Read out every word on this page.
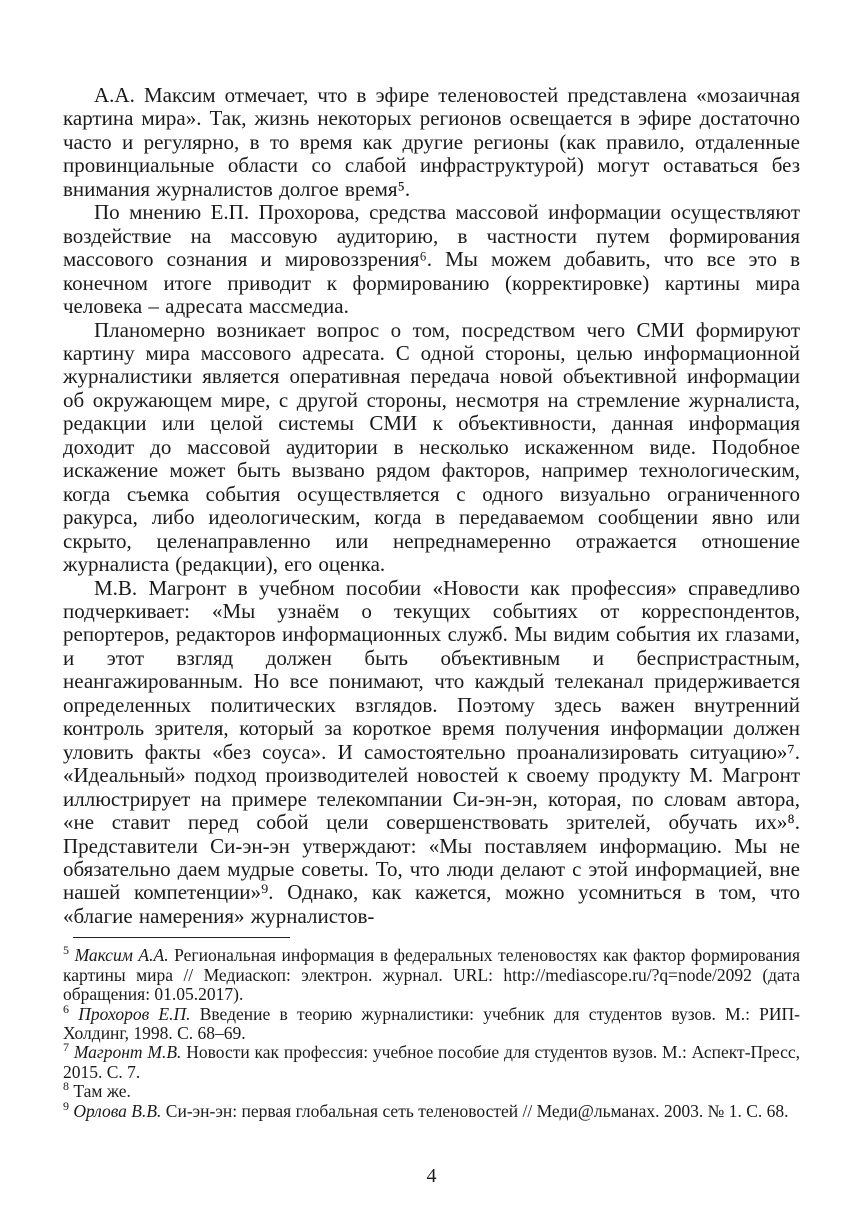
А.А. Максим отмечает, что в эфире теленовостей представлена «мозаичная картина мира». Так, жизнь некоторых регионов освещается в эфире достаточно часто и регулярно, в то время как другие регионы (как правило, отдаленные провинциальные области со слабой инфраструктурой) могут оставаться без внимания журналистов долгое время⁵.

По мнению Е.П. Прохорова, средства массовой информации осуществляют воздействие на массовую аудиторию, в частности путем формирования массового сознания и мировоззрения⁶. Мы можем добавить, что все это в конечном итоге приводит к формированию (корректировке) картины мира человека – адресата массмедиа.

Планомерно возникает вопрос о том, посредством чего СМИ формируют картину мира массового адресата. С одной стороны, целью информационной журналистики является оперативная передача новой объективной информации об окружающем мире, с другой стороны, несмотря на стремление журналиста, редакции или целой системы СМИ к объективности, данная информация доходит до массовой аудитории в несколько искаженном виде. Подобное искажение может быть вызвано рядом факторов, например технологическим, когда съемка события осуществляется с одного визуально ограниченного ракурса, либо идеологическим, когда в передаваемом сообщении явно или скрыто, целенаправленно или непреднамеренно отражается отношение журналиста (редакции), его оценка.

М.В. Магронт в учебном пособии «Новости как профессия» справедливо подчеркивает: «Мы узнаём о текущих событиях от корреспондентов, репортеров, редакторов информационных служб. Мы видим события их глазами, и этот взгляд должен быть объективным и беспристрастным, неангажированным. Но все понимают, что каждый телеканал придерживается определенных политических взглядов. Поэтому здесь важен внутренний контроль зрителя, который за короткое время получения информации должен уловить факты «без соуса». И самостоятельно проанализировать ситуацию»⁷. «Идеальный» подход производителей новостей к своему продукту М. Магронт иллюстрирует на примере телекомпании Си-эн-эн, которая, по словам автора, «не ставит перед собой цели совершенствовать зрителей, обучать их»⁸. Представители Си-эн-эн утверждают: «Мы поставляем информацию. Мы не обязательно даем мудрые советы. То, что люди делают с этой информацией, вне нашей компетенции»⁹. Однако, как кажется, можно усомниться в том, что «благие намерения» журналистов-

$^5$ Максим А.А. Региональная информация в федеральных теленовостях как фактор формирования картины мира // Медиаскоп: электрон. журнал. URL: http://mediascope.ru/?q=node/2092 (дата обращения: 01.05.2017).

$^6$ Прохоров Е.П. Введение в теорию журналистики: учебник для студентов вузов. М.: РИП-Холдинг, 1998. С. 68–69.

$^7$ Магронт М.В. Новости как профессия: учебное пособие для студентов вузов. М.: Аспект-Пресс, 2015. С. 7.

$^8$ Там же.

$^9$ Орлова В.В. Си-эн-эн: первая глобальная сеть теленовостей // Меди@льманах. 2003. № 1. С. 68.

4
